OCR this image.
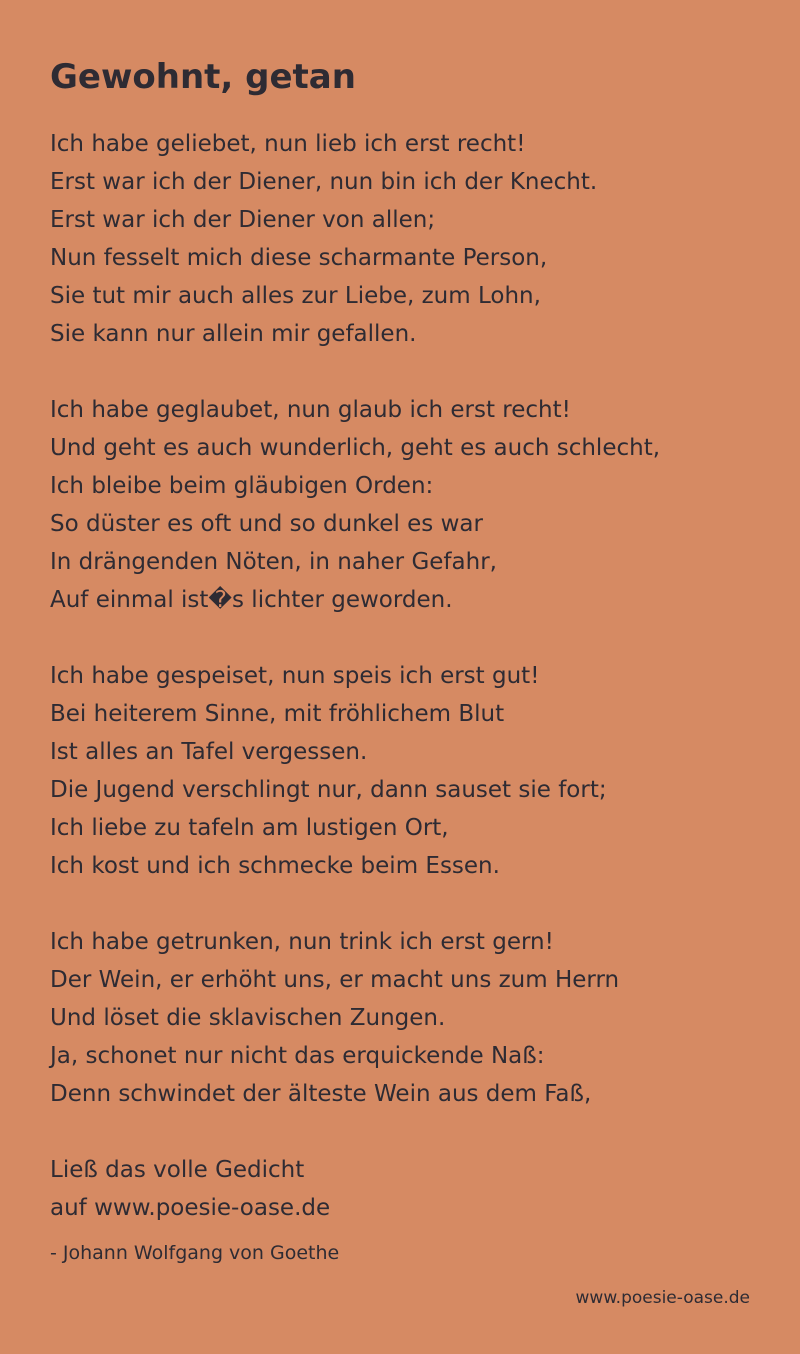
Gewohnt, getan
Ich habe geliebet, nun lieb ich erst recht!
Erst war ich der Diener, nun bin ich der Knecht.
Erst war ich der Diener von allen;
Nun fesselt mich diese scharmante Person,
Sie tut mir auch alles zur Liebe, zum Lohn,
Sie kann nur allein mir gefallen.
Ich habe geglaubet, nun glaub ich erst recht!
Und geht es auch wunderlich, geht es auch schlecht,
Ich bleibe beim gläubigen Orden:
So düster es oft und so dunkel es war
In drängenden Nöten, in naher Gefahr,
Auf einmal ist�s lichter geworden.
Ich habe gespeiset, nun speis ich erst gut!
Bei heiterem Sinne, mit fröhlichem Blut
Ist alles an Tafel vergessen.
Die Jugend verschlingt nur, dann sauset sie fort;
Ich liebe zu tafeln am lustigen Ort,
Ich kost und ich schmecke beim Essen.
Ich habe getrunken, nun trink ich erst gern!
Der Wein, er erhöht uns, er macht uns zum Herrn
Und löset die sklavischen Zungen.
Ja, schonet nur nicht das erquickende Naß:
Denn schwindet der älteste Wein aus dem Faß,
Ließ das volle Gedicht
auf www.poesie-oase.de
- Johann Wolfgang von Goethe
www.poesie-oase.de
